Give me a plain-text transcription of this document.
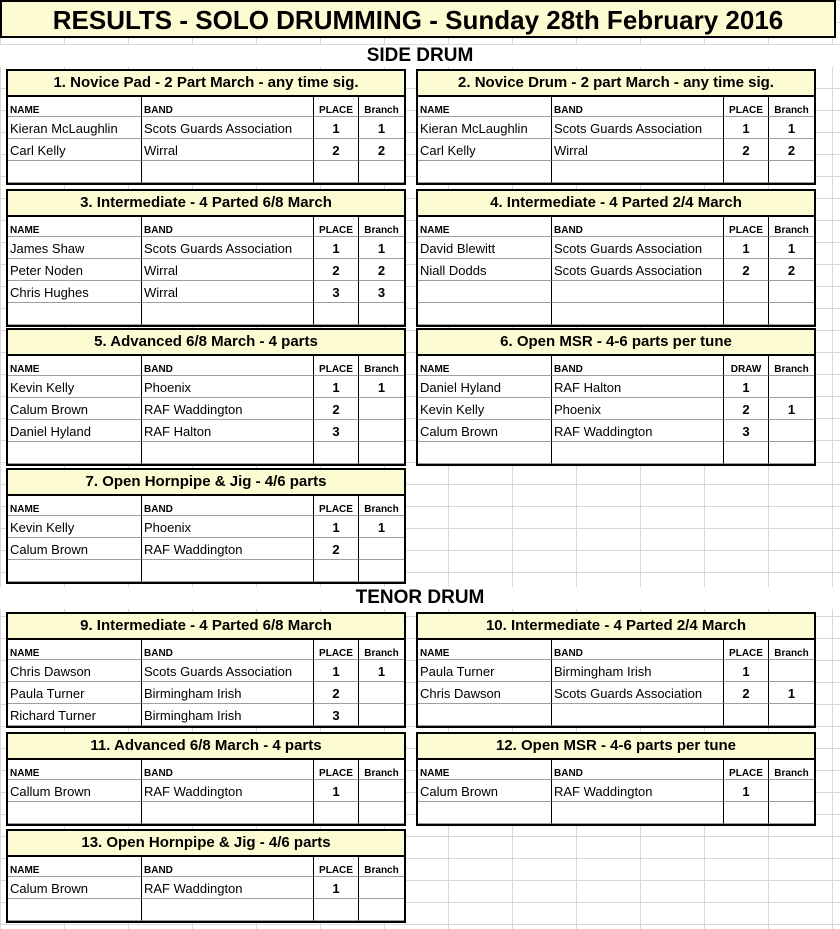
RESULTS - SOLO DRUMMING - Sunday 28th February 2016
SIDE DRUM
1. Novice Pad - 2 Part March - any time sig.
NAME	BAND	PLACE	Branch
Kieran McLaughlin	Scots Guards Association	1	1
Carl Kelly	Wirral	2	2
2. Novice Drum - 2 part March - any time sig.
NAME	BAND	PLACE	Branch
Kieran McLaughlin	Scots Guards Association	1	1
Carl Kelly	Wirral	2	2
3. Intermediate - 4 Parted 6/8 March
NAME	BAND	PLACE	Branch
James Shaw	Scots Guards Association	1	1
Peter Noden	Wirral	2	2
Chris Hughes	Wirral	3	3
4. Intermediate - 4 Parted 2/4 March
NAME	BAND	PLACE	Branch
David Blewitt	Scots Guards Association	1	1
Niall Dodds	Scots Guards Association	2	2
5. Advanced 6/8 March - 4 parts
NAME	BAND	PLACE	Branch
Kevin Kelly	Phoenix	1	1
Calum Brown	RAF Waddington	2
Daniel Hyland	RAF Halton	3
6. Open MSR - 4-6 parts per tune
NAME	BAND	DRAW	Branch
Daniel Hyland	RAF Halton	1
Kevin Kelly	Phoenix	2	1
Calum Brown	RAF Waddington	3
7. Open Hornpipe & Jig - 4/6 parts
NAME	BAND	PLACE	Branch
Kevin Kelly	Phoenix	1	1
Calum Brown	RAF Waddington	2
TENOR DRUM
9. Intermediate - 4 Parted 6/8 March
NAME	BAND	PLACE	Branch
Chris Dawson	Scots Guards Association	1	1
Paula Turner	Birmingham Irish	2
Richard Turner	Birmingham Irish	3
10. Intermediate - 4 Parted 2/4 March
NAME	BAND	PLACE	Branch
Paula Turner	Birmingham Irish	1
Chris Dawson	Scots Guards Association	2	1
11. Advanced 6/8 March - 4 parts
NAME	BAND	PLACE	Branch
Callum Brown	RAF Waddington	1
12. Open MSR - 4-6 parts per tune
NAME	BAND	PLACE	Branch
Calum Brown	RAF Waddington	1
13. Open Hornpipe & Jig - 4/6 parts
NAME	BAND	PLACE	Branch
Calum Brown	RAF Waddington	1
